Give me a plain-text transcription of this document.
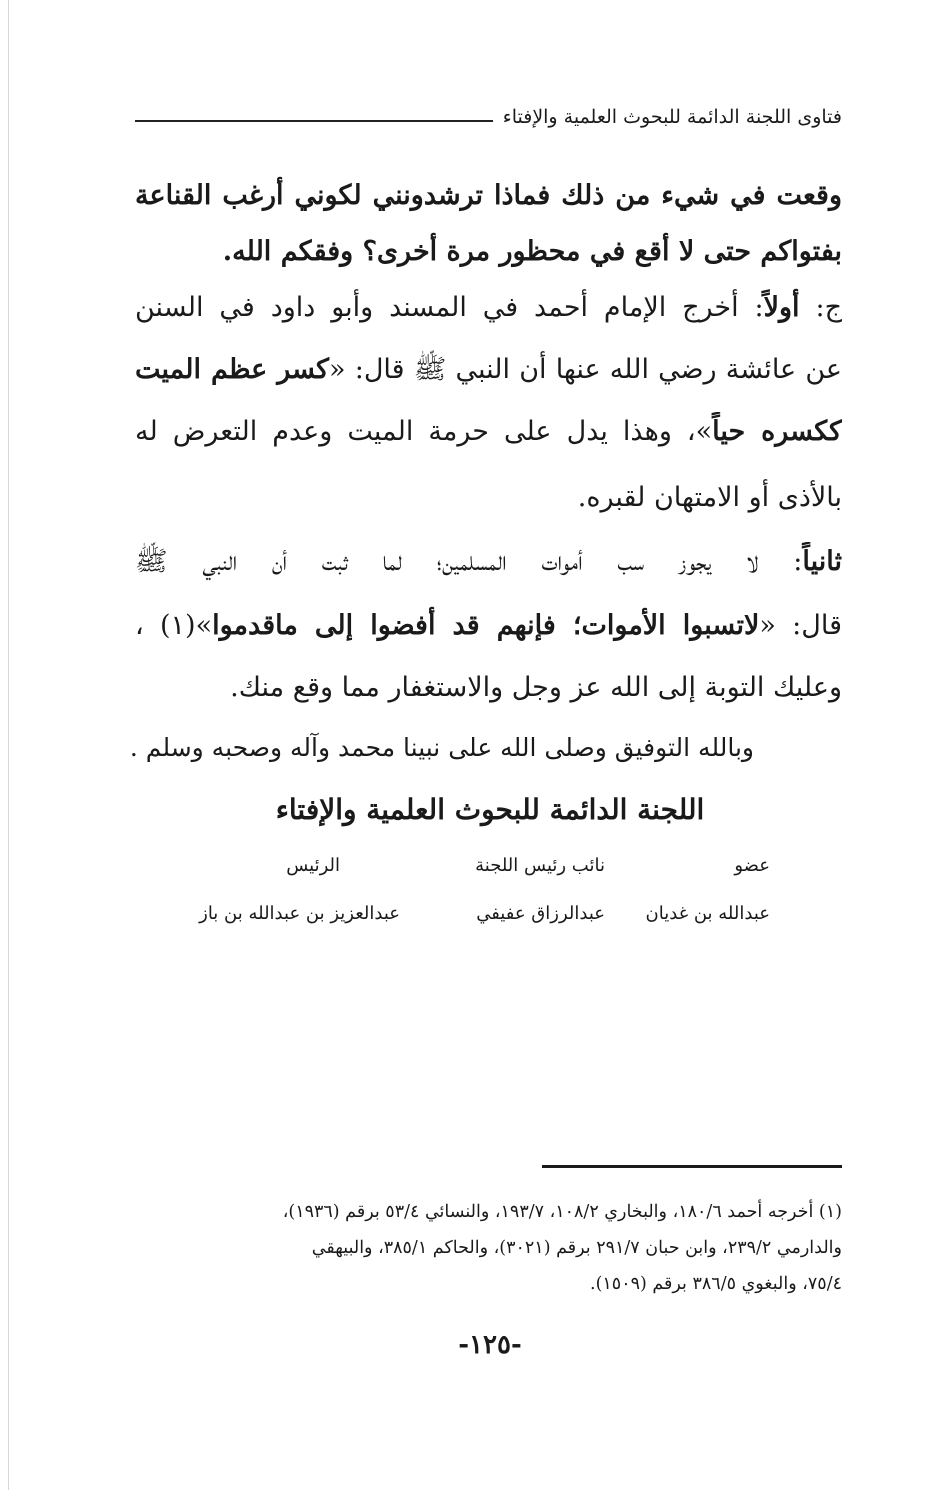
فتاوى اللجنة الدائمة للبحوث العلمية والإفتاء
وقعت في شيء من ذلك فماذا ترشدونني لكوني أرغب القناعة
بفتواكم حتى لا أقع في محظور مرة أخرى؟ وفقكم الله.
ج: أولاً: أخرج الإمام أحمد في المسند وأبو داود في السنن
عن عائشة رضي الله عنها أن النبي ﷺ قال: «كسر عظم الميت
ككسره حياً»، وهذا يدل على حرمة الميت وعدم التعرض له
بالأذى أو الامتهان لقبره.
ثانياً: لا يجوز سب أموات المسلمين؛ لما ثبت أن النبي ﷺ
قال: «لاتسبوا الأموات؛ فإنهم قد أفضوا إلى ماقدموا»(١) ،
وعليك التوبة إلى الله عز وجل والاستغفار مما وقع منك.
وبالله التوفيق وصلى الله على نبينا محمد وآله وصحبه وسلم .
اللجنة الدائمة للبحوث العلمية والإفتاء
عضو
عبدالله بن غديان
نائب رئيس اللجنة
عبدالرزاق عفيفي
الرئيس
عبدالعزيز بن عبدالله بن باز
(١) أخرجه أحمد ١٨٠/٦، والبخاري ١٠٨/٢، ١٩٣/٧، والنسائي ٥٣/٤ برقم (١٩٣٦)،
والدارمي ٢٣٩/٢، وابن حبان ٢٩١/٧ برقم (٣٠٢١)، والحاكم ٣٨٥/١، والبيهقي
٧٥/٤، والبغوي ٣٨٦/٥ برقم (١٥٠٩).
-١٢٥-
